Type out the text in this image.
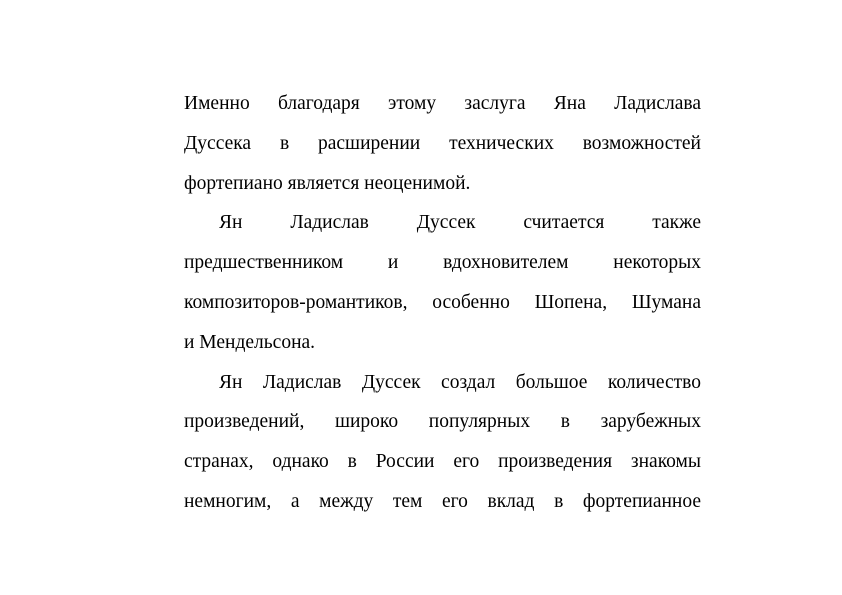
Именно благодаря этому заслуга Яна Ладислава
Дуссека в расширении технических возможностей
фортепиано является неоценимой.
Ян Ладислав Дуссек считается также
предшественником и вдохновителем некоторых
композиторов-романтиков, особенно Шопена, Шумана
и Мендельсона.
Ян Ладислав Дуссек создал большое количество
произведений, широко популярных в зарубежных
странах, однако в России его произведения знакомы
немногим, а между тем его вклад в фортепианное
